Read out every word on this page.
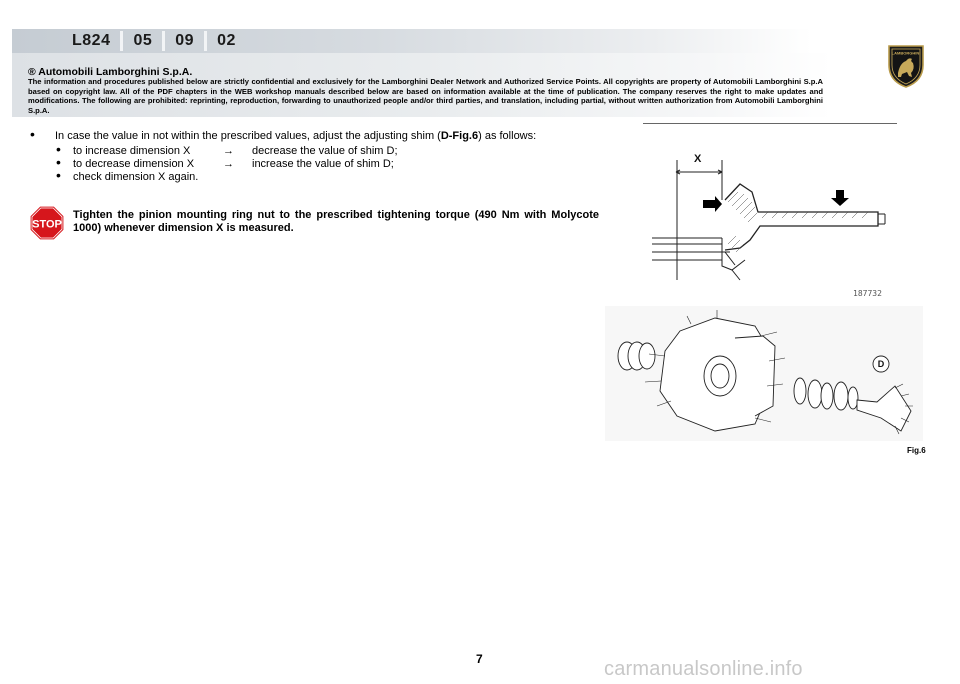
L824 05 09 02
LAMBORGHINI
® Automobili Lamborghini S.p.A.
The information and procedures published below are strictly confidential and exclusively for the Lamborghini Dealer Network and Authorized Service Points. All copyrights are property of Automobili Lamborghini S.p.A based on copyright law. All of the PDF chapters in the WEB workshop manuals described below are based on information available at the time of publication. The company reserves the right to make updates and modifications. The following are prohibited: reprinting, reproduction, forwarding to unauthorized people and/or third parties, and translation, including partial, without written authorization from Automobili Lamborghini S.p.A.
• In case the value in not within the prescribed values, adjust the adjusting shim (D-Fig.6) as follows:
• to increase dimension X	→ decrease the value of shim D;
• to decrease dimension X	→ increase the value of shim D;
• check dimension X again.
STOP
Tighten the pinion mounting ring nut to the prescribed tightening torque (490 Nm with Molycote 1000) whenever dimension X is measured.
X
187732
D
Fig.6
7	carmanualsonline.info
